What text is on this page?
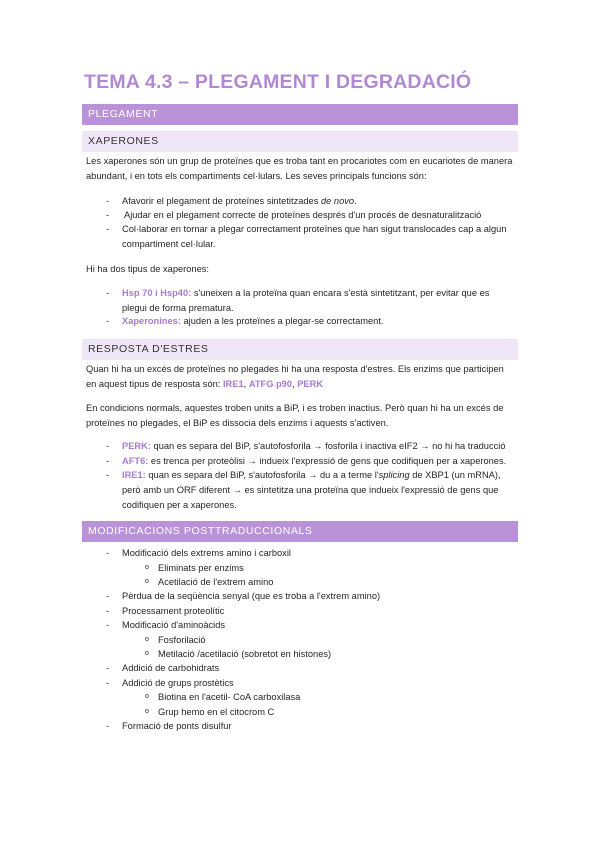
TEMA 4.3 – PLEGAMENT I DEGRADACIÓ
PLEGAMENT
XAPERONES
Les xaperones són un grup de proteïnes que es troba tant en procariotes com en eucariotes de manera abundant, i en tots els compartiments cel·lulars. Les seves principals funcions són:
- Afavorir el plegament de proteïnes sintetitzades de novo.
- Ajudar en el plegament correcte de proteïnes després d'un procés de desnaturalització
- Col·laborar en tornar a plegar correctament proteïnes que han sigut translocades cap a algun compartiment cel·lular.
Hi ha dos tipus de xaperones:
- Hsp 70 i Hsp40: s'uneixen a la proteïna quan encara s'està sintetitzant, per evitar que es plegui de forma prematura.
- Xaperonines: ajuden a les proteïnes a plegar-se correctament.
RESPOSTA D'ESTRES
Quan hi ha un excés de proteïnes no plegades hi ha una resposta d'estres. Els enzims que participen en aquest tipus de resposta són: IRE1, ATFG p90, PERK
En condicions normals, aquestes troben units a BiP, i es troben inactius. Però quan hi ha un excés de proteïnes no plegades, el BiP es dissocia dels enzims i aquests s'activen.
- PERK: quan es separa del BiP, s'autofosforila → fosforila i inactiva eIF2 → no hi ha traducció
- AFT6: es trenca per proteòlisi → indueix l'expressió de gens que codifiquen per a xaperones.
- IRE1: quan es separa del BiP, s'autofosforila → du a a terme l'splicing de XBP1 (un mRNA), però amb un ORF diferent → es sintetitza una proteïna que indueix l'expressió de gens que codifiquen per a xaperones.
MODIFICACIONS POSTTRADUCCIONALS
- Modificació dels extrems amino i carboxil
o Eliminats per enzims
o Acetilació de l'extrem amino
- Pèrdua de la seqüència senyal (que es troba a l'extrem amino)
- Processament proteolític
- Modificació d'aminoàcids
o Fosforilació
o Metilació /acetilació (sobretot en histones)
- Addició de carbohidrats
- Addició de grups prostètics
o Biotina en l'acetil- CoA carboxilasa
o Grup hemo en el citocrom C
- Formació de ponts disulfur
